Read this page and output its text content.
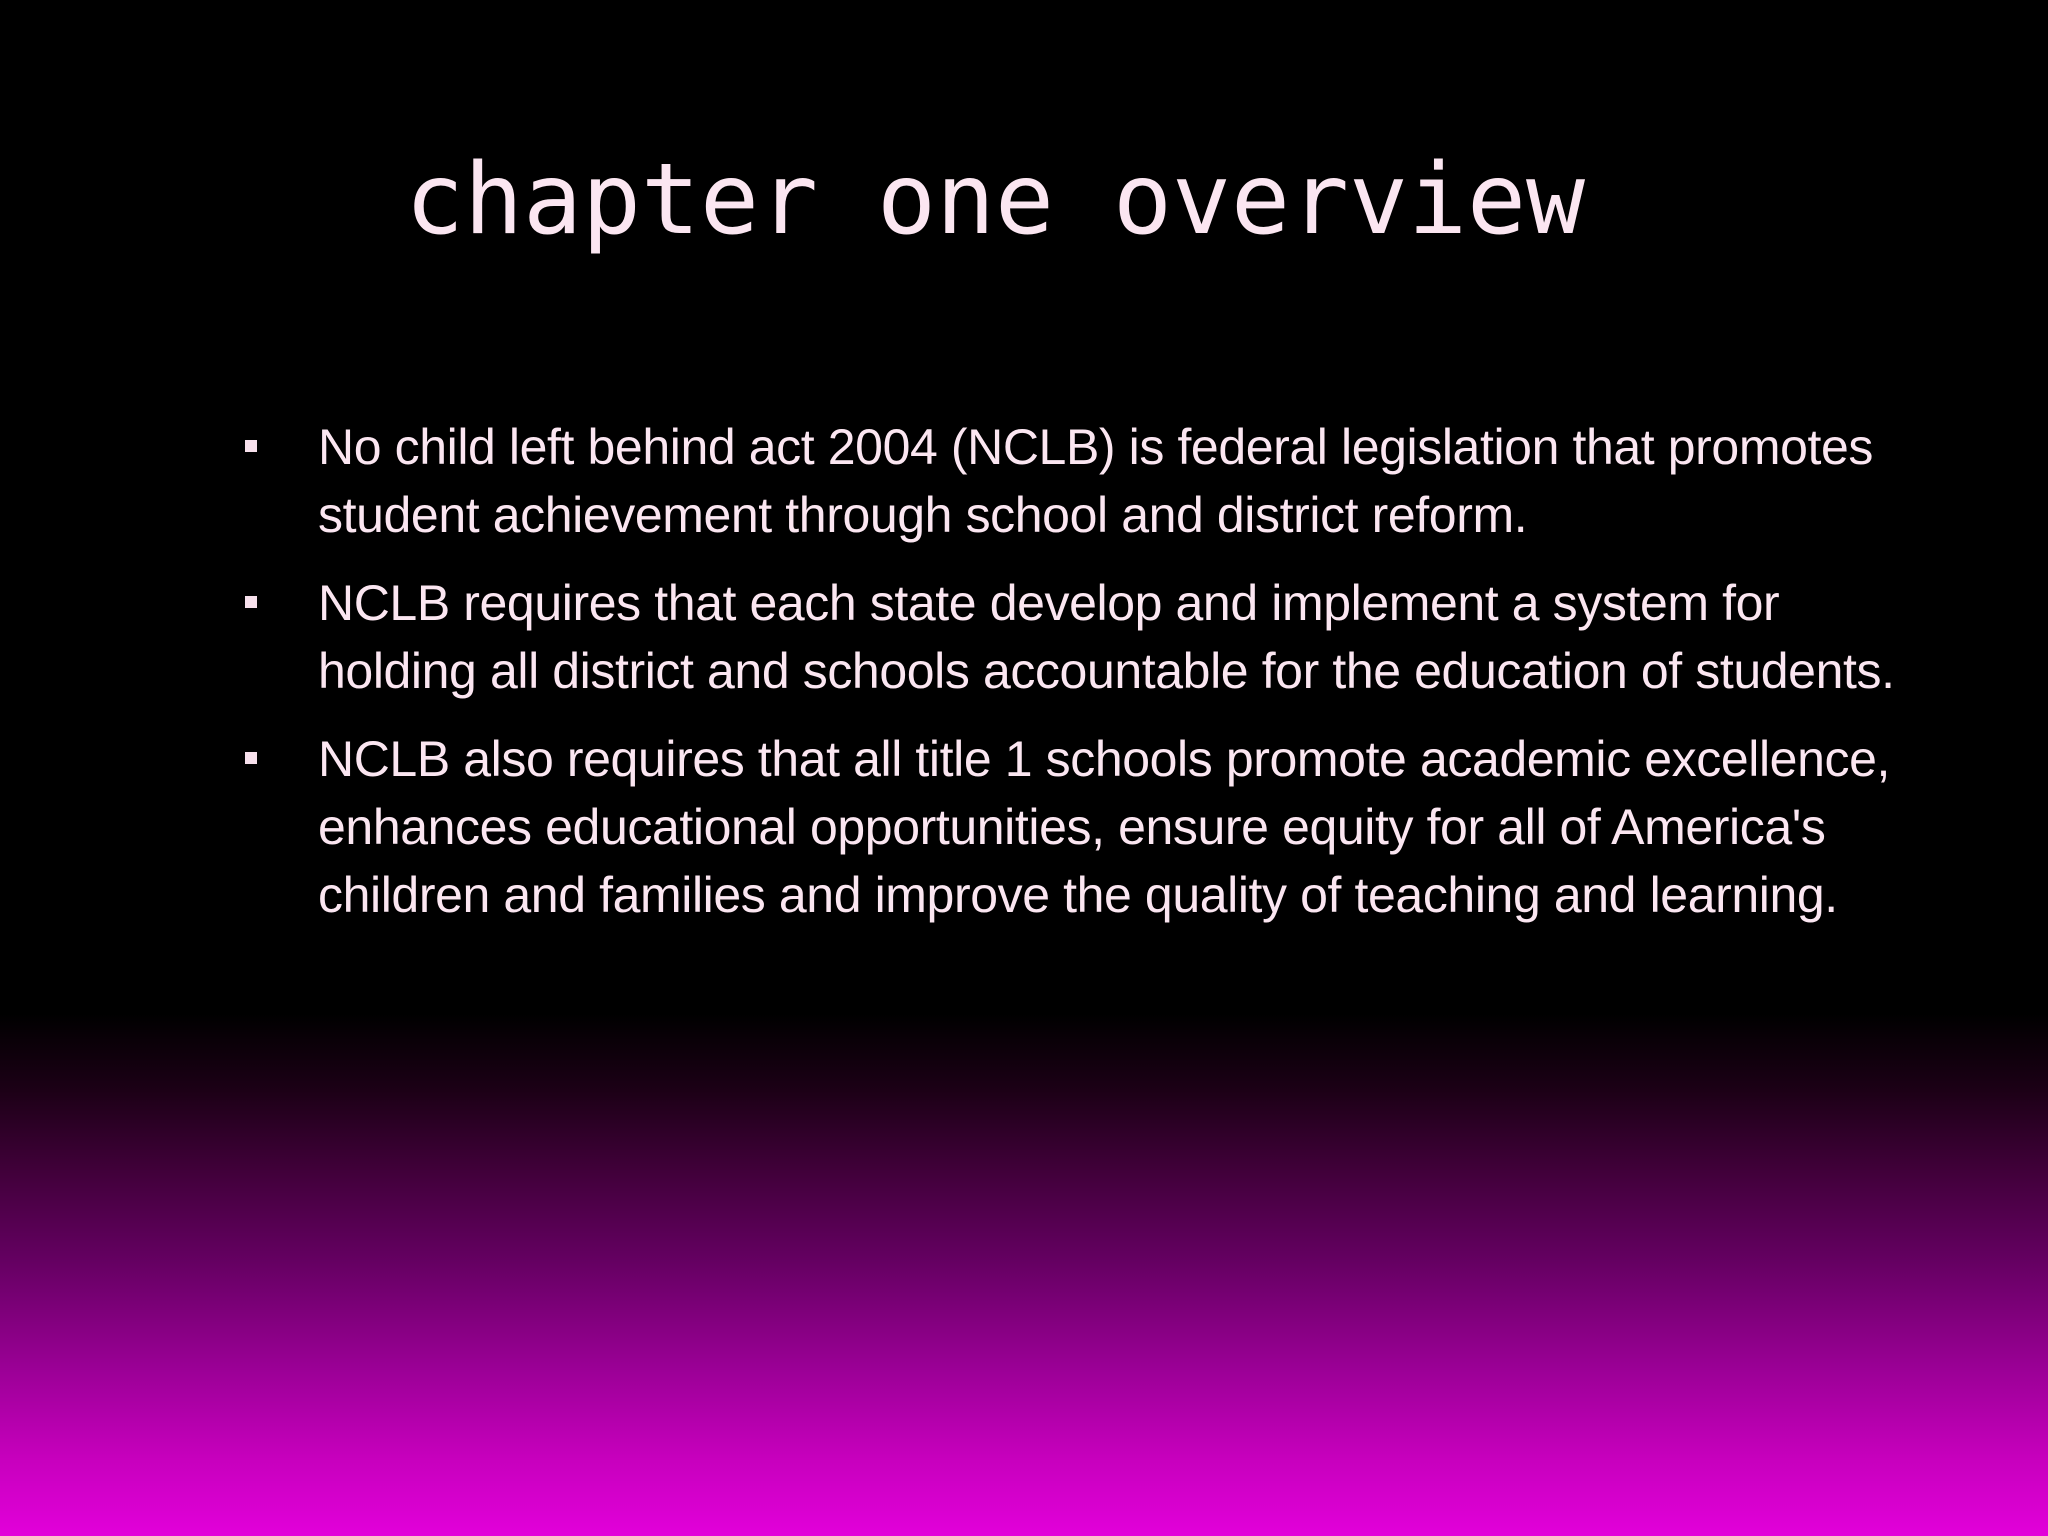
chapter one overview
No child left behind act 2004 (NCLB) is federal legislation that promotes student achievement through school and district reform.
NCLB requires that each state develop and implement a system for holding all district and schools accountable for the education of students.
NCLB also requires that all title 1 schools promote academic excellence, enhances educational opportunities, ensure equity for all of America's children and families and improve the quality of teaching and learning.
